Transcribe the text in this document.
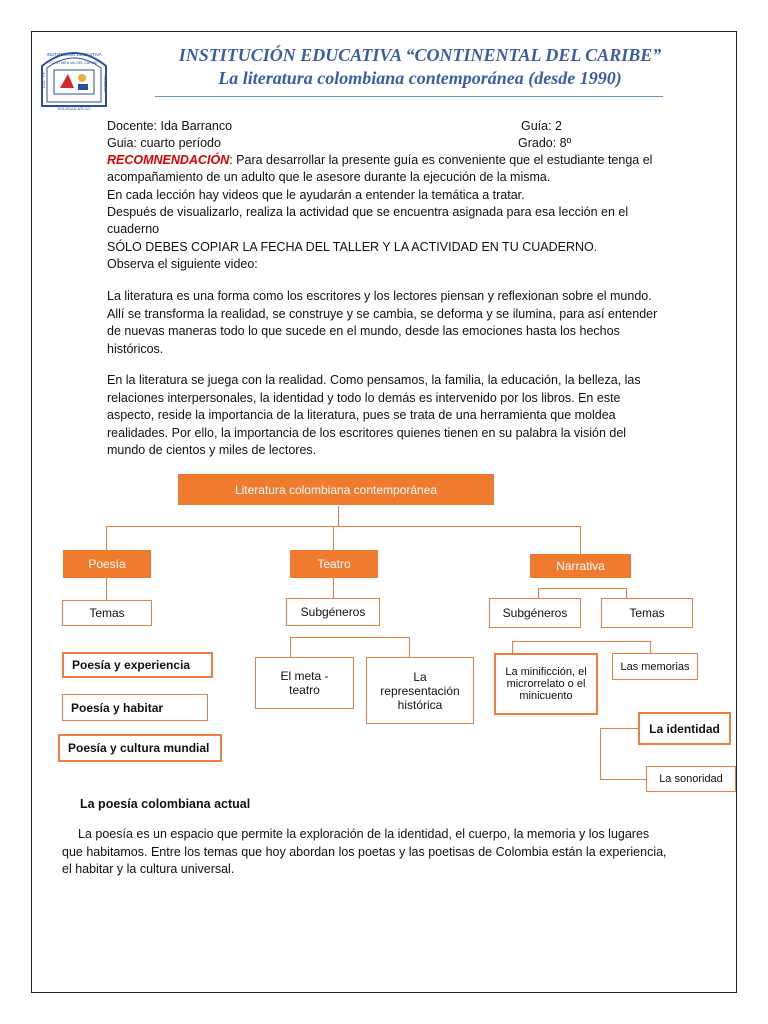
INSTITUCION EDUCATIVA
CONTINENTAL DEL CARIBE
LUZ · FE	TRABAJO
SOLEDAD ATLCO
INSTITUCIÓN EDUCATIVA “CONTINENTAL DEL CARIBE”
La literatura colombiana contemporánea (desde 1990)
Docente: Ida Barranco	Guía: 2
Guia: cuarto período	Grado: 8º
RECOMNENDACIÓN: Para desarrollar la presente guía es conveniente que el estudiante tenga el
acompañamiento de un adulto que le asesore durante la ejecución de la misma.
En cada lección hay videos que le ayudarán a entender la temática a tratar.
Después de visualizarlo, realiza la actividad que se encuentra asignada para esa lección en el
cuaderno
SÓLO DEBES COPIAR LA FECHA DEL TALLER Y LA ACTIVIDAD EN TU CUADERNO.
Observa el siguiente video:
La literatura es una forma como los escritores y los lectores piensan y reflexionan sobre el mundo. Allí se transforma la realidad, se construye y se cambia, se deforma y se ilumina, para así entender de nuevas maneras todo lo que sucede en el mundo, desde las emociones hasta los hechos históricos.
En la literatura se juega con la realidad. Como pensamos, la familia, la educación, la belleza, las relaciones interpersonales, la identidad y todo lo demás es intervenido por los libros. En este aspecto, reside la importancia de la literatura, pues se trata de una herramienta que moldea realidades. Por ello, la importancia de los escritores quienes tienen en su palabra la visión del mundo de cientos y miles de lectores.
Literatura colombiana contemporánea
Poesía	Teatro	Narrativa
Temas
Poesía y experiencia
Poesía y habitar
Poesía y cultura mundial
Subgéneros
El meta - teatro
La representación histórica
Subgéneros	Temas
La minificción, el microrrelato o el minicuento
Las memorias
La identidad
La sonoridad
La poesía colombiana actual
La poesía es un espacio que permite la exploración de la identidad, el cuerpo, la memoria y los lugares que habitamos. Entre los temas que hoy abordan los poetas y las poetisas de Colombia están la experiencia, el habitar y la cultura universal.
